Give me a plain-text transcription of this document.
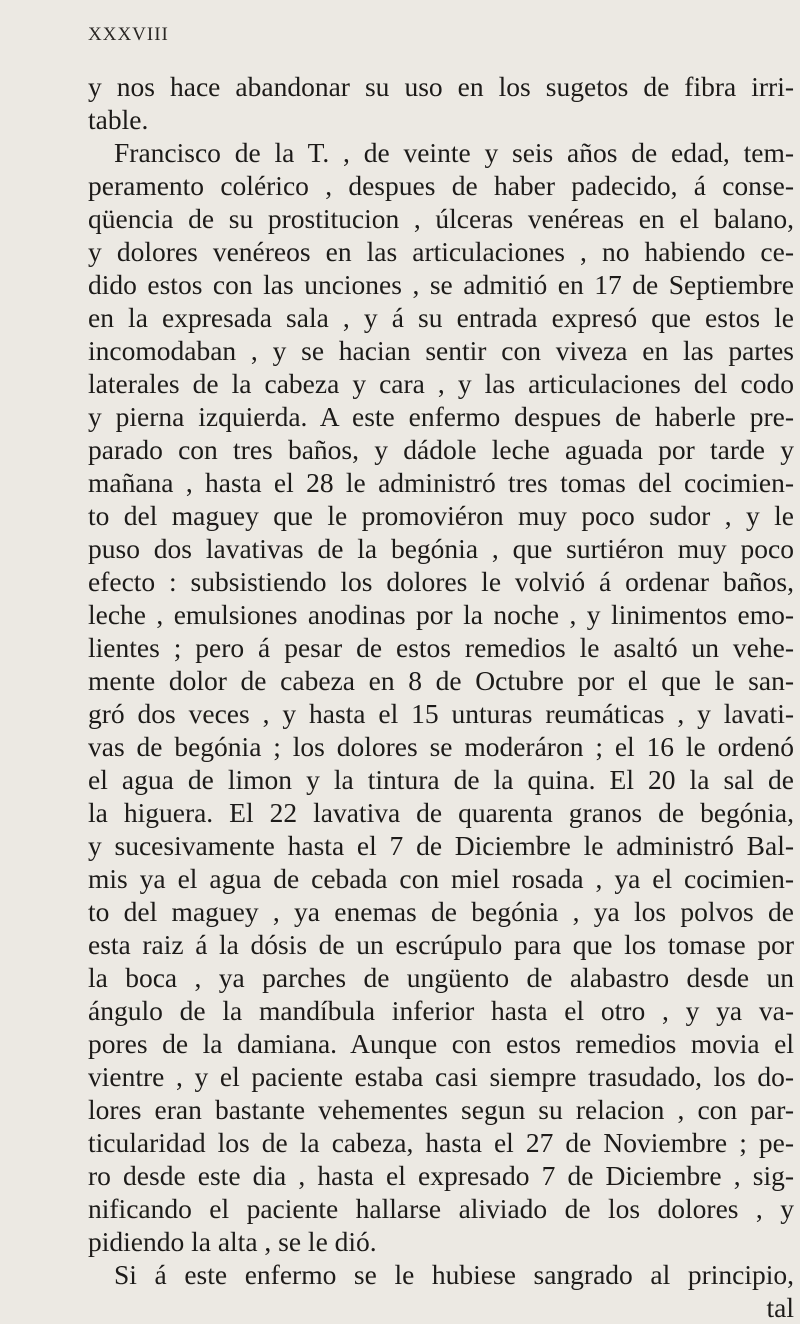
XXXVIII
y nos hace abandonar su uso en los sugetos de fibra irri-
table.
Francisco de la T. , de veinte y seis años de edad, tem-
peramento colérico , despues de haber padecido, á conse-
qüencia de su prostitucion , úlceras venéreas en el balano,
y dolores venéreos en las articulaciones , no habiendo ce-
dido estos con las unciones , se admitió en 17 de Septiembre
en la expresada sala , y á su entrada expresó que estos le
incomodaban , y se hacian sentir con viveza en las partes
laterales de la cabeza y cara , y las articulaciones del codo
y pierna izquierda. A este enfermo despues de haberle pre-
parado con tres baños, y dádole leche aguada por tarde y
mañana , hasta el 28 le administró tres tomas del cocimien-
to del maguey que le promoviéron muy poco sudor , y le
puso dos lavativas de la begónia , que surtiéron muy poco
efecto : subsistiendo los dolores le volvió á ordenar baños,
leche , emulsiones anodinas por la noche , y linimentos emo-
lientes ; pero á pesar de estos remedios le asaltó un vehe-
mente dolor de cabeza en 8 de Octubre por el que le san-
gró dos veces , y hasta el 15 unturas reumáticas , y lavati-
vas de begónia ; los dolores se moderáron ; el 16 le ordenó
el agua de limon y la tintura de la quina. El 20 la sal de
la higuera. El 22 lavativa de quarenta granos de begónia,
y sucesivamente hasta el 7 de Diciembre le administró Bal-
mis ya el agua de cebada con miel rosada , ya el cocimien-
to del maguey , ya enemas de begónia , ya los polvos de
esta raiz á la dósis de un escrúpulo para que los tomase por
la boca , ya parches de ungüento de alabastro desde un
ángulo de la mandíbula inferior hasta el otro , y ya va-
pores de la damiana. Aunque con estos remedios movia el
vientre , y el paciente estaba casi siempre trasudado, los do-
lores eran bastante vehementes segun su relacion , con par-
ticularidad los de la cabeza, hasta el 27 de Noviembre ; pe-
ro desde este dia , hasta el expresado 7 de Diciembre , sig-
nificando el paciente hallarse aliviado de los dolores , y
pidiendo la alta , se le dió.
Si á este enfermo se le hubiese sangrado al principio,
tal
